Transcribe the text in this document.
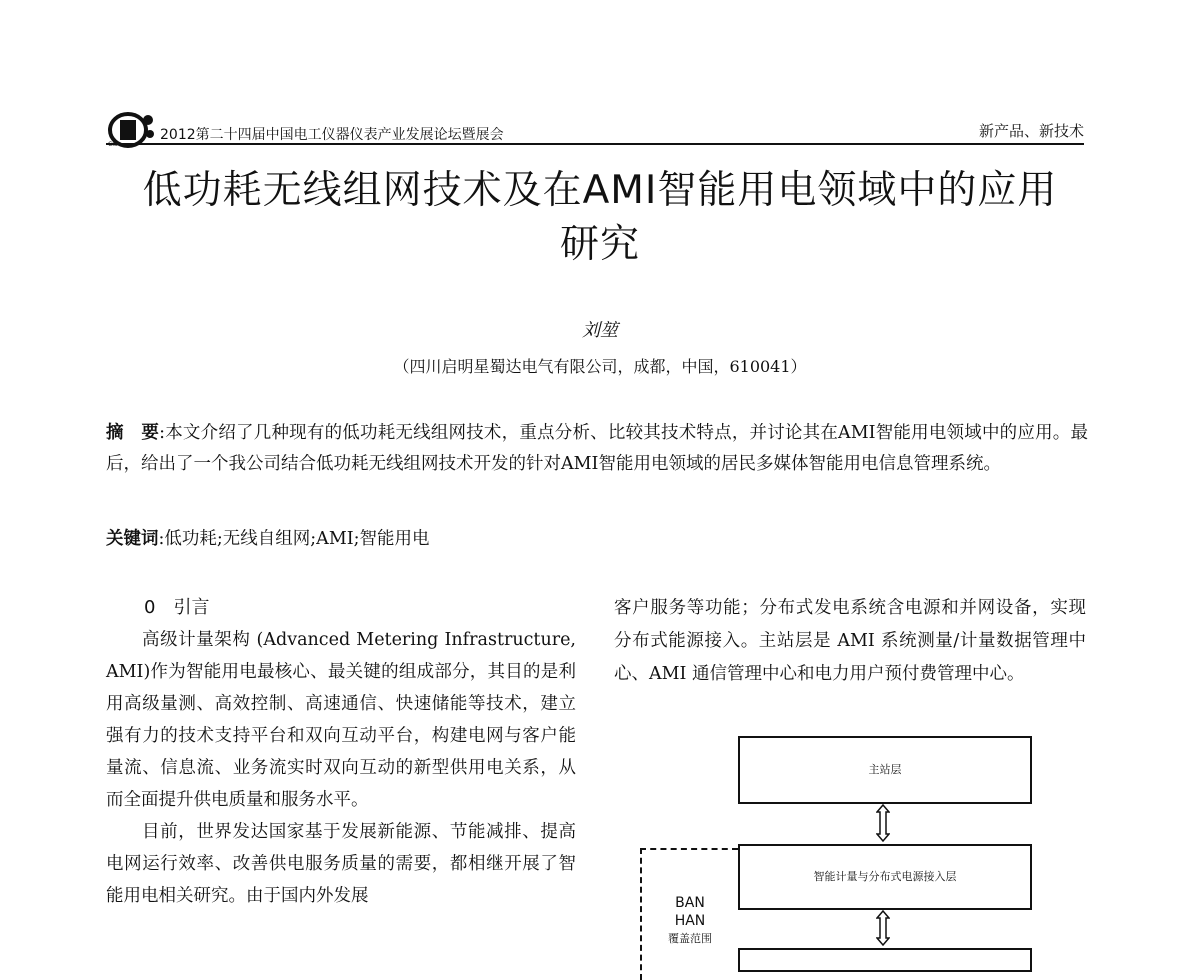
CIS
2012第二十四届中国电工仪器仪表产业发展论坛暨展会	新产品、新技术
低功耗无线组网技术及在AMI智能用电领域中的应用
研究
刘堃
（四川启明星蜀达电气有限公司，成都，中国，610041）
摘　要:本文介绍了几种现有的低功耗无线组网技术，重点分析、比较其技术特点，并讨论其在AMI智能用电领域中的应用。最后，给出了一个我公司结合低功耗无线组网技术开发的针对AMI智能用电领域的居民多媒体智能用电信息管理系统。
关键词:低功耗;无线自组网;AMI;智能用电
0　引言

高级计量架构 (Advanced Metering Infrastructure, AMI)作为智能用电最核心、最关键的组成部分，其目的是利用高级量测、高效控制、高速通信、快速储能等技术，建立强有力的技术支持平台和双向互动平台，构建电网与客户能量流、信息流、业务流实时双向互动的新型供用电关系，从而全面提升供电质量和服务水平。

目前，世界发达国家基于发展新能源、节能减排、提高电网运行效率、改善供电服务质量的需要，都相继开展了智能用电相关研究。由于国内外发展

客户服务等功能；分布式发电系统含电源和并网设备，实现分布式能源接入。主站层是 AMI 系统测量/计量数据管理中心、AMI 通信管理中心和电力用户预付费管理中心。
主站层
智能计量与分布式电源接入层
BAN
HAN
覆盖范围
